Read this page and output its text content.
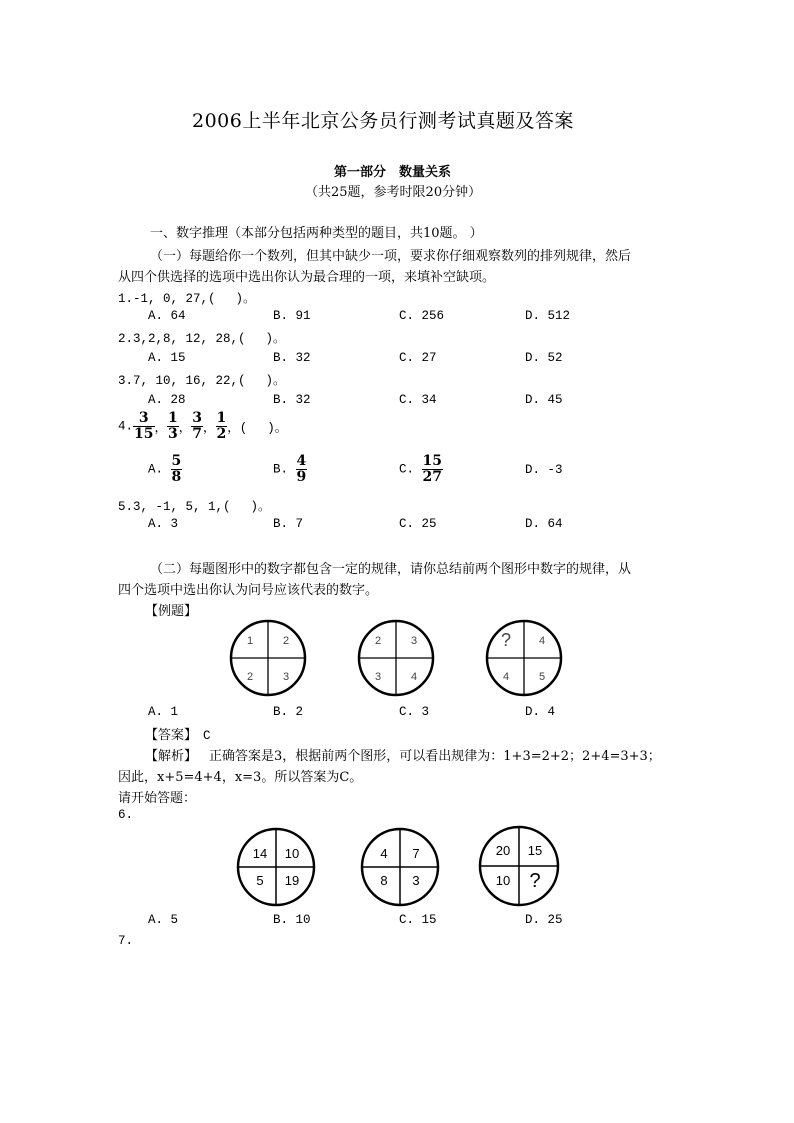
2006上半年北京公务员行测考试真题及答案
第一部分　数量关系
（共25题，参考时限20分钟）
一、数字推理（本部分包括两种类型的题目，共10题。 ）
（一）每题给你一个数列，但其中缺少一项，要求你仔细观察数列的排列规律，然后
从四个供选择的选项中选出你认为最合理的一项，来填补空缺项。
1.-1, 0, 27,(　 )。
A. 64	B. 91	C. 256	D. 512
2.3,2,8, 12, 28,(　 )。
A. 15	B. 32	C. 27	D. 52
3.7, 10, 16, 22,(　 )。
A. 28	B. 32	C. 34	D. 45
4. $\frac{3}{15}$ ， $\frac{1}{3}$ ， $\frac{3}{7}$ ， $\frac{1}{2}$ ，(　 )。
A. $\frac{5}{8}$	B. $\frac{4}{9}$	C. $\frac{15}{27}$	D. -3
5.3, -1, 5, 1,(　 )。
A. 3	B. 7	C. 25	D. 64
（二）每题图形中的数字都包含一定的规律，请你总结前两个图形中数字的规律，从
四个选项中选出你认为问号应该代表的数字。
【例题】
1	2
2	3
2	3
3	4
?	4
4	5
A. 1	B. 2	C. 3	D. 4
【答案】 C
【解析】 正确答案是3，根据前两个图形，可以看出规律为：1+3=2+2；2+4=3+3；
因此，x+5=4+4，x=3。所以答案为C。
请开始答题：
6.
14 10
5 19
4 7
8 3
20 15
10 ?
A. 5	B. 10	C. 15	D. 25
7.
